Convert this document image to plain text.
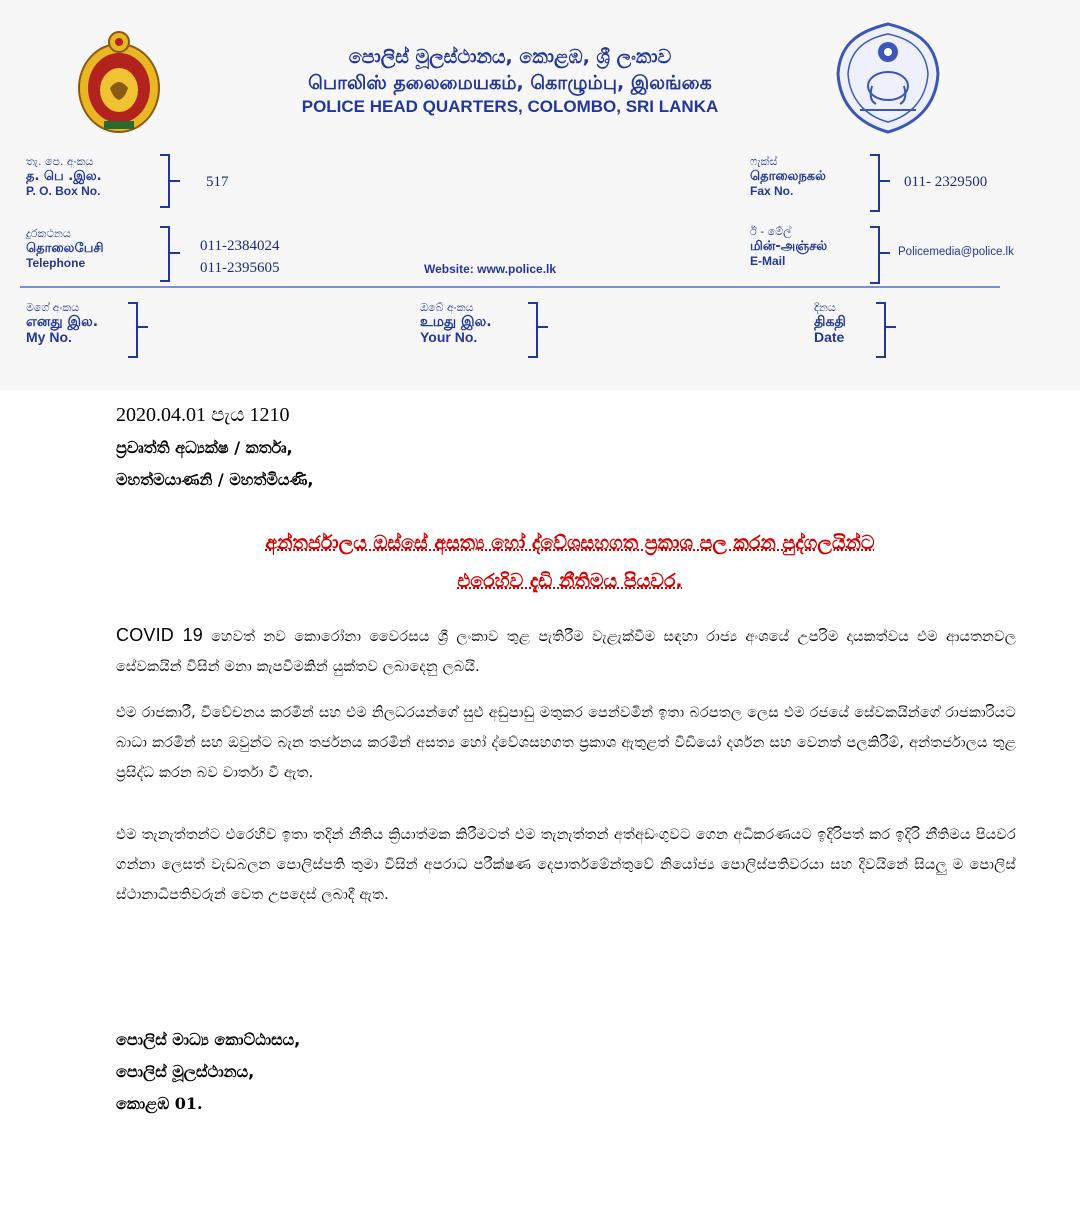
පොලිස් මූලස්ථානය, කොළඹ, ශ්‍රී ලංකාව
பொலிஸ் தலைமையகம், கொழும்பு, இலங்கை
POLICE HEAD QUARTERS, COLOMBO, SRI LANKA
තැ. පෙ. අංකය
த. பெ .இல.
P. O. Box No.
517
ෆැක්ස්
தொலைநகல்
Fax No.
011- 2329500
දුරකථනය
தொலைபேசி
Telephone
011-2384024
011-2395605	Website: www.police.lk
ඊ - මේල්
மின்-அஞ்சல்
E-Mail
Policemedia@police.lk
මගේ අංකය
எனது இல.
My No.
ඔබේ අංකය
உமது இல.
Your No.
දිනය
திகதி
Date
2020.04.01 පැය 1210
ප්‍රවෘත්ති අධ්‍යක්ෂ / කර්තෘ,
මහත්මයාණනි / මහත්මියණි,
අන්තර්ජාලය ඔස්සේ අසත්‍ය හෝ ද්වේශසහගත ප්‍රකාශ පල කරන පුද්ගලයින්ට
එරෙහිව දැඩි නීතිමය පියවර.
COVID 19 හෙවත් නව කොරෝනා වෛරසය ශ්‍රී ලංකාව තුළ පැතිරීම වැළැක්වීම සඳහා රාජ්‍ය අංශයේ උපරිම දායකත්වය එම ආයතනවල සේවකයින් විසින් මනා කැපවීමකින් යුක්තව ලබාදෙනු ලබයි.
එම රාජකාරී, විවේචනය කරමින් සහ එම නිලධරයන්ගේ සුළු අඩුපාඩු මතුකර පෙන්වමින් ඉතා බරපතල ලෙස එම රජයේ සේවකයින්ගේ රාජකාරියට බාධා කරමින් සහ ඔවුන්ට බැන තර්ජනය කරමින් අසත්‍ය හෝ ද්වේශසහගත ප්‍රකාශ ඇතුළත් වීඩියෝ දර්ශන සහ වෙනත් පලකිරීම්, අන්තර්ජාලය තුළ ප්‍රසිද්ධ කරන බව වාර්තා වී ඇත.
එම තැනැත්තන්ට එරෙහිව ඉතා තදින් නීතිය ක්‍රියාත්මක කිරීමටත් එම තැනැත්තන් අත්අඩංගුවට ගෙන අධිකරණයට ඉදිරිපත් කර ඉදිරි නීතිමය පියවර ගන්නා ලෙසත් වැඩබලන පොලිස්පති තුමා විසින් අපරාධ පරීක්ෂණ දෙපාර්තමේන්තුවේ නියෝජ්‍ය පොලිස්පතිවරයා සහ දිවයිනේ සියලු ම පොලිස් ස්ථානාධිපතිවරුන් වෙත උපදෙස් ලබාදී ඇත.
පොලිස් මාධ්‍ය කොට්ඨාසය,
පොලිස් මූලස්ථානය,
කොළඹ 01.
